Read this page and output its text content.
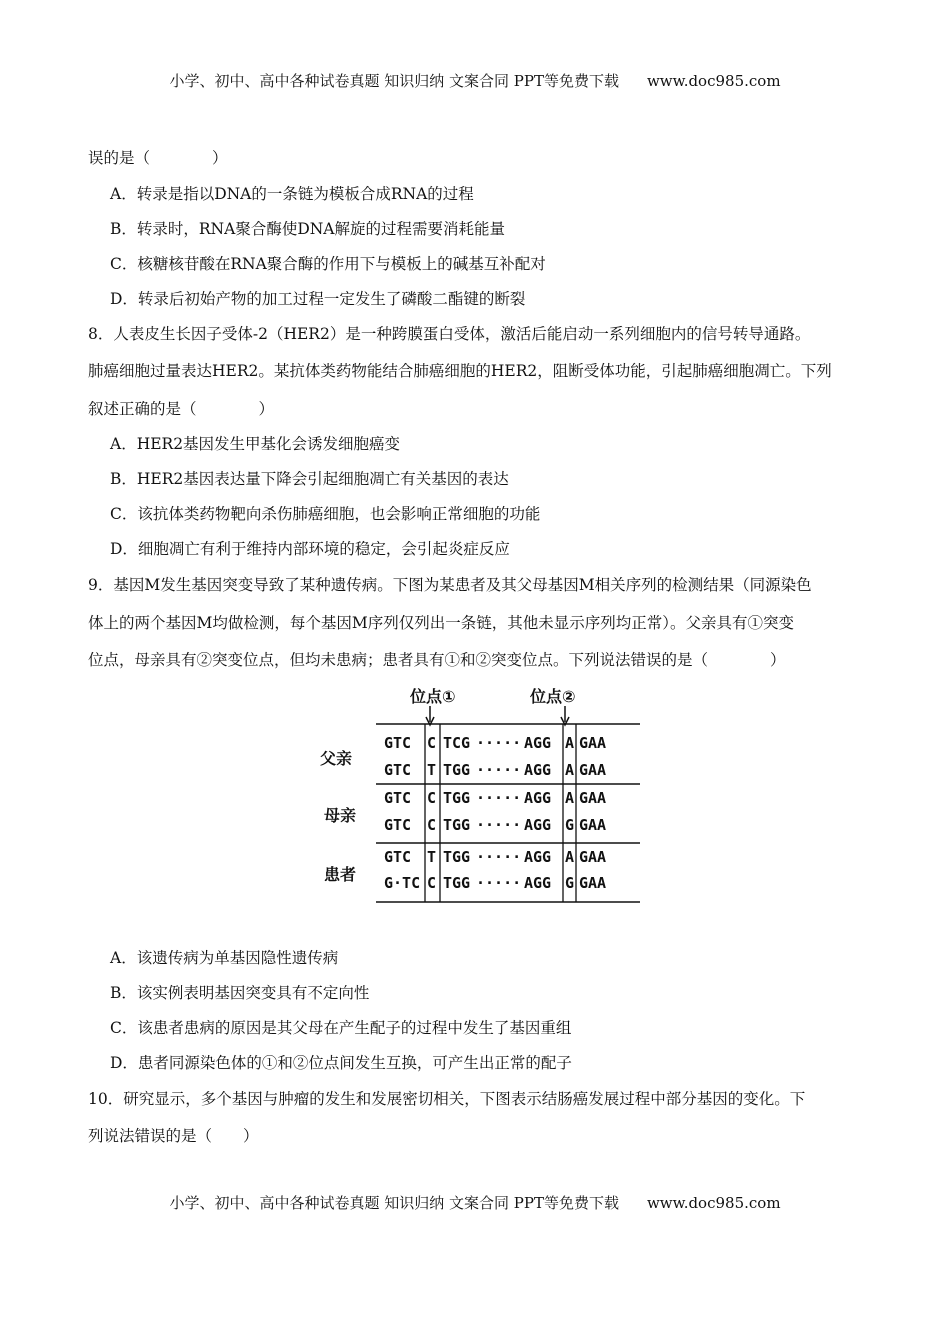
小学、初中、高中各种试卷真题 知识归纳 文案合同 PPT等免费下载 www.doc985.com
误的是（　　　　）
A．转录是指以DNA的一条链为模板合成RNA的过程
B．转录时，RNA聚合酶使DNA解旋的过程需要消耗能量
C．核糖核苷酸在RNA聚合酶的作用下与模板上的碱基互补配对
D．转录后初始产物的加工过程一定发生了磷酸二酯键的断裂
8．人表皮生长因子受体-2（HER2）是一种跨膜蛋白受体，激活后能启动一系列细胞内的信号转导通路。
肺癌细胞过量表达HER2。某抗体类药物能结合肺癌细胞的HER2，阻断受体功能，引起肺癌细胞凋亡。下列
叙述正确的是（　　　　）
A．HER2基因发生甲基化会诱发细胞癌变
B．HER2基因表达量下降会引起细胞凋亡有关基因的表达
C．该抗体类药物靶向杀伤肺癌细胞，也会影响正常细胞的功能
D．细胞凋亡有利于维持内部环境的稳定，会引起炎症反应
9．基因M发生基因突变导致了某种遗传病。下图为某患者及其父母基因M相关序列的检测结果（同源染色
体上的两个基因M均做检测，每个基因M序列仅列出一条链，其他未显示序列均正常）。父亲具有①突变
位点，母亲具有②突变位点，但均未患病；患者具有①和②突变位点。下列说法错误的是（　　　　）
位点①	位点②
父亲
母亲
患者
GTC C TCG ····· AGG A GAA
GTC T TGG ····· AGG A GAA
GTC C TGG ····· AGG A GAA
GTC C TGG ····· AGG G GAA
GTC T TGG ····· AGG A GAA
G·TC C TGG ····· AGG G GAA
A．该遗传病为单基因隐性遗传病
B．该实例表明基因突变具有不定向性
C．该患者患病的原因是其父母在产生配子的过程中发生了基因重组
D．患者同源染色体的①和②位点间发生互换，可产生出正常的配子
10．研究显示，多个基因与肿瘤的发生和发展密切相关，下图表示结肠癌发展过程中部分基因的变化。下
列说法错误的是（　　）
小学、初中、高中各种试卷真题 知识归纳 文案合同 PPT等免费下载 www.doc985.com
